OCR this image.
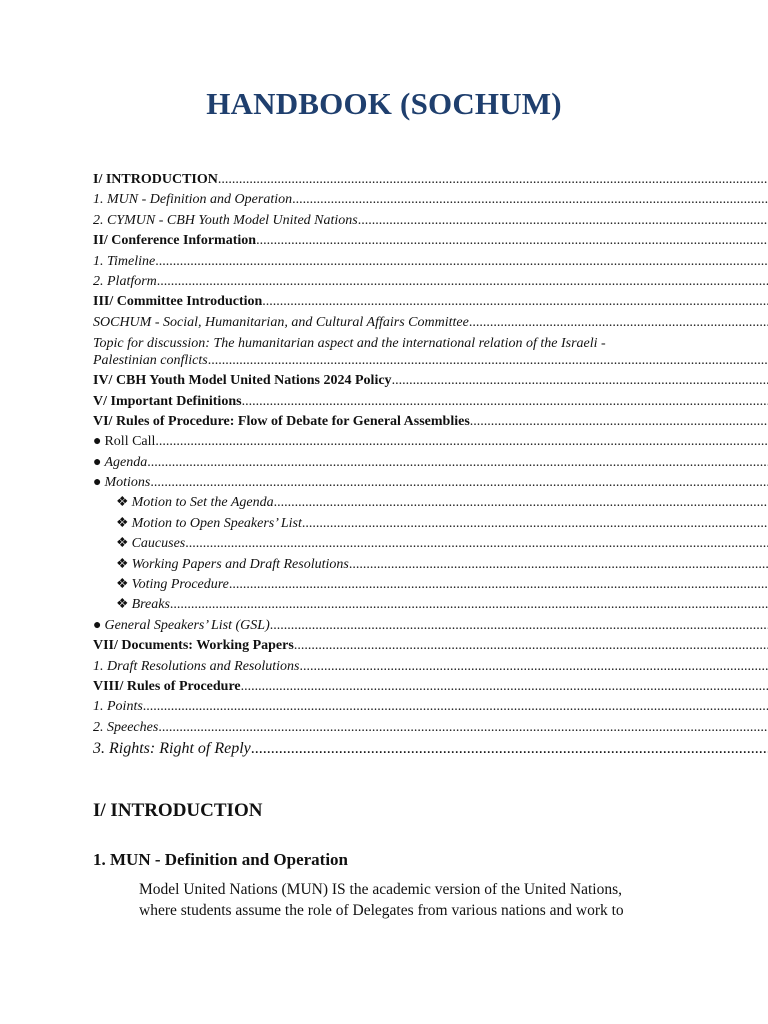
HANDBOOK (SOCHUM)
I/ INTRODUCTION .....
1. MUN - Definition and Operation .....
2. CYMUN - CBH Youth Model United Nations .....
II/ Conference Information .....
1. Timeline .....
2. Platform .....
III/ Committee Introduction .....
SOCHUM - Social, Humanitarian, and Cultural Affairs Committee .....
Topic for discussion: The humanitarian aspect and the international relation of the Israeli -
Palestinian conflicts .....
IV/ CBH Youth Model United Nations 2024 Policy .....
V/ Important Definitions .....
VI/ Rules of Procedure: Flow of Debate for General Assemblies .....
● Roll Call .....
● Agenda .....
● Motions .....
❖ Motion to Set the Agenda .....
❖ Motion to Open Speakers’ List .....
❖ Caucuses .....
❖ Working Papers and Draft Resolutions .....
❖ Voting Procedure .....
❖ Breaks .....
● General Speakers’ List (GSL) .....
VII/ Documents: Working Papers .....
1. Draft Resolutions and Resolutions .....
VIII/ Rules of Procedure .....
1. Points .....
2. Speeches .....
3. Rights: Right of Reply .....
I/ INTRODUCTION
1. MUN - Definition and Operation
Model United Nations (MUN) IS the academic version of the United Nations,
where students assume the role of Delegates from various nations and work to
